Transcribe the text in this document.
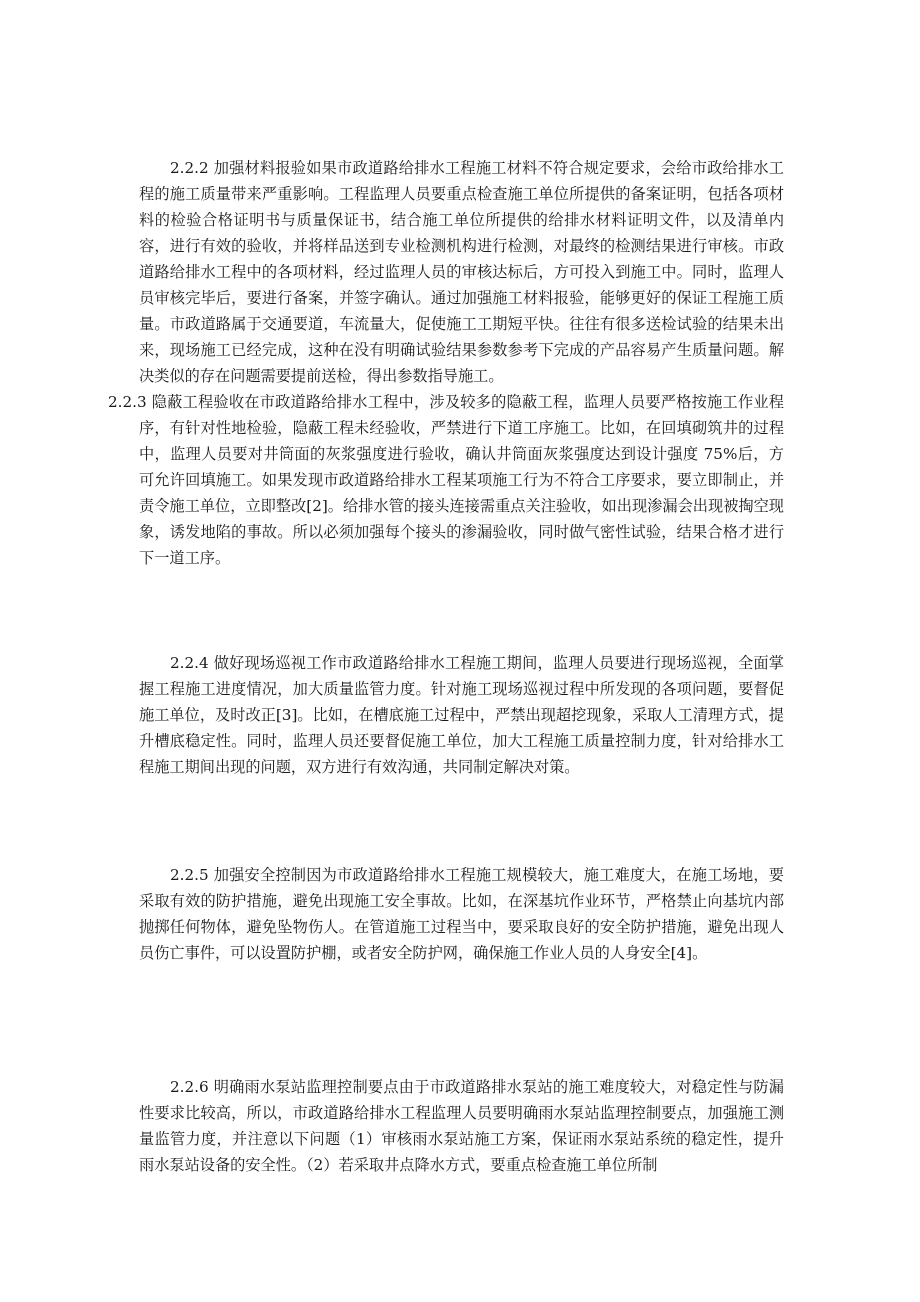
2.2.2 加强材料报验如果市政道路给排水工程施工材料不符合规定要求，会给市政给排水工程的施工质量带来严重影响。工程监理人员要重点检查施工单位所提供的备案证明，包括各项材料的检验合格证明书与质量保证书，结合施工单位所提供的给排水材料证明文件，以及清单内容，进行有效的验收，并将样品送到专业检测机构进行检测，对最终的检测结果进行审核。市政道路给排水工程中的各项材料，经过监理人员的审核达标后，方可投入到施工中。同时，监理人员审核完毕后，要进行备案，并签字确认。通过加强施工材料报验，能够更好的保证工程施工质量。市政道路属于交通要道，车流量大，促使施工工期短平快。往往有很多送检试验的结果未出来，现场施工已经完成，这种在没有明确试验结果参数参考下完成的产品容易产生质量问题。解决类似的存在问题需要提前送检，得出参数指导施工。
2.2.3 隐蔽工程验收在市政道路给排水工程中，涉及较多的隐蔽工程，监理人员要严格按施工作业程序，有针对性地检验，隐蔽工程未经验收，严禁进行下道工序施工。比如，在回填砌筑井的过程中，监理人员要对井筒面的灰浆强度进行验收，确认井筒面灰浆强度达到设计强度 75%后，方可允许回填施工。如果发现市政道路给排水工程某项施工行为不符合工序要求，要立即制止，并责令施工单位，立即整改[2]。给排水管的接头连接需重点关注验收，如出现渗漏会出现被掏空现象，诱发地陷的事故。所以必须加强每个接头的渗漏验收，同时做气密性试验，结果合格才进行下一道工序。

2.2.4 做好现场巡视工作市政道路给排水工程施工期间，监理人员要进行现场巡视，全面掌握工程施工进度情况，加大质量监管力度。针对施工现场巡视过程中所发现的各项问题，要督促施工单位，及时改正[3]。比如，在槽底施工过程中，严禁出现超挖现象，采取人工清理方式，提升槽底稳定性。同时，监理人员还要督促施工单位，加大工程施工质量控制力度，针对给排水工程施工期间出现的问题，双方进行有效沟通，共同制定解决对策。

2.2.5 加强安全控制因为市政道路给排水工程施工规模较大，施工难度大，在施工场地，要采取有效的防护措施，避免出现施工安全事故。比如，在深基坑作业环节，严格禁止向基坑内部抛掷任何物体，避免坠物伤人。在管道施工过程当中，要采取良好的安全防护措施，避免出现人员伤亡事件，可以设置防护棚，或者安全防护网，确保施工作业人员的人身安全[4]。

2.2.6 明确雨水泵站监理控制要点由于市政道路排水泵站的施工难度较大，对稳定性与防漏性要求比较高，所以，市政道路给排水工程监理人员要明确雨水泵站监理控制要点，加强施工测量监管力度，并注意以下问题（1）审核雨水泵站施工方案，保证雨水泵站系统的稳定性，提升雨水泵站设备的安全性。（2）若采取井点降水方式，要重点检查施工单位所制
